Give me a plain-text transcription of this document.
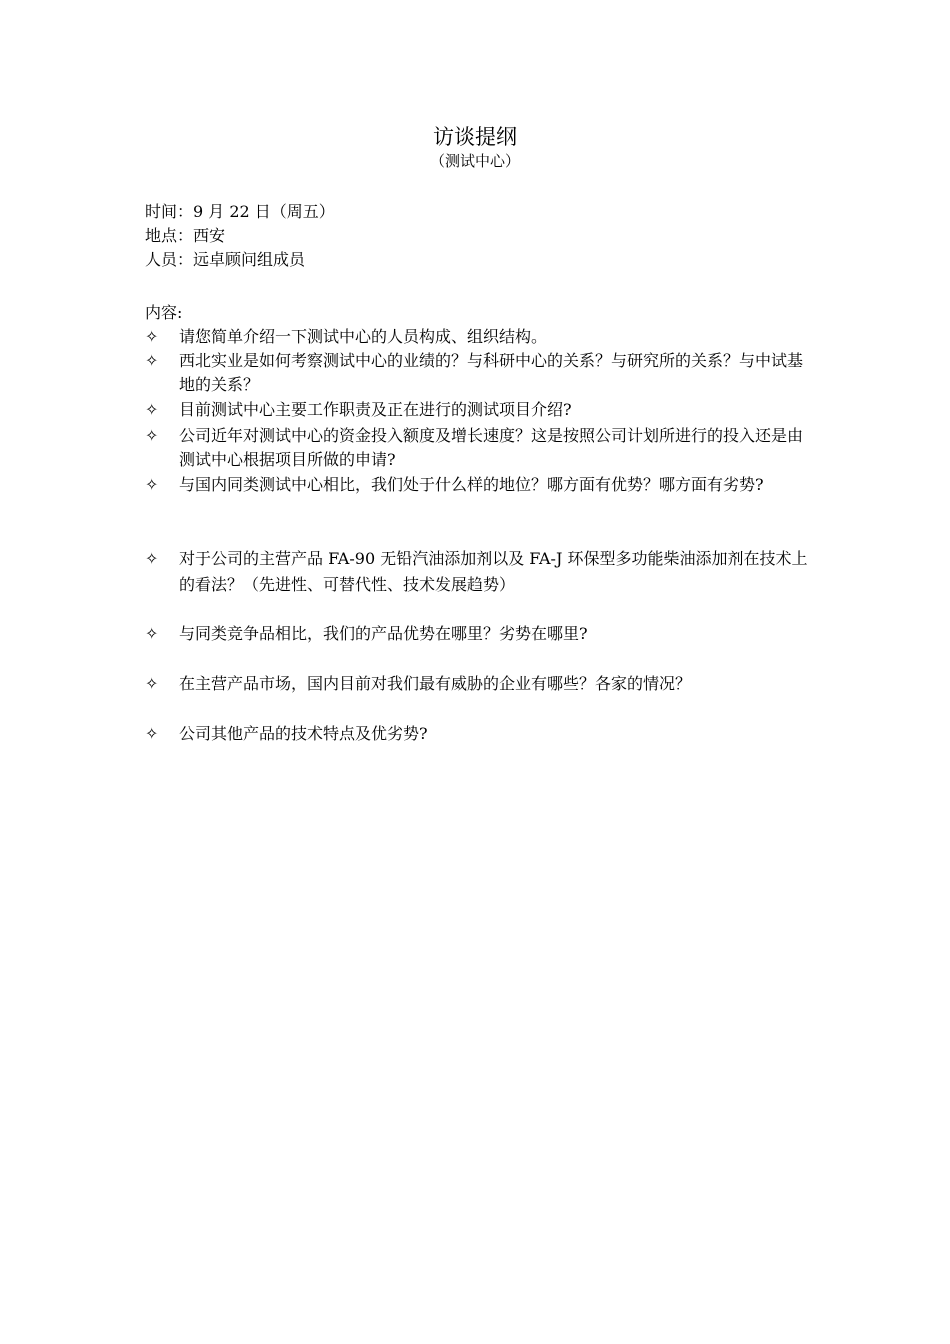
访谈提纲
（测试中心）
时间：9 月 22 日（周五）
地点：西安
人员：远卓顾问组成员
内容:
✧	请您简单介绍一下测试中心的人员构成、组织结构。
✧	西北实业是如何考察测试中心的业绩的？与科研中心的关系？与研究所的关系？与中试基地的关系？
✧	目前测试中心主要工作职责及正在进行的测试项目介绍?
✧	公司近年对测试中心的资金投入额度及增长速度？这是按照公司计划所进行的投入还是由测试中心根据项目所做的申请?
✧	与国内同类测试中心相比，我们处于什么样的地位？哪方面有优势？哪方面有劣势?
✧	对于公司的主营产品 FA-90 无铅汽油添加剂以及 FA-J 环保型多功能柴油添加剂在技术上的看法？（先进性、可替代性、技术发展趋势）
✧	与同类竞争品相比，我们的产品优势在哪里？劣势在哪里?
✧	在主营产品市场，国内目前对我们最有威胁的企业有哪些？各家的情况？
✧	公司其他产品的技术特点及优劣势?
